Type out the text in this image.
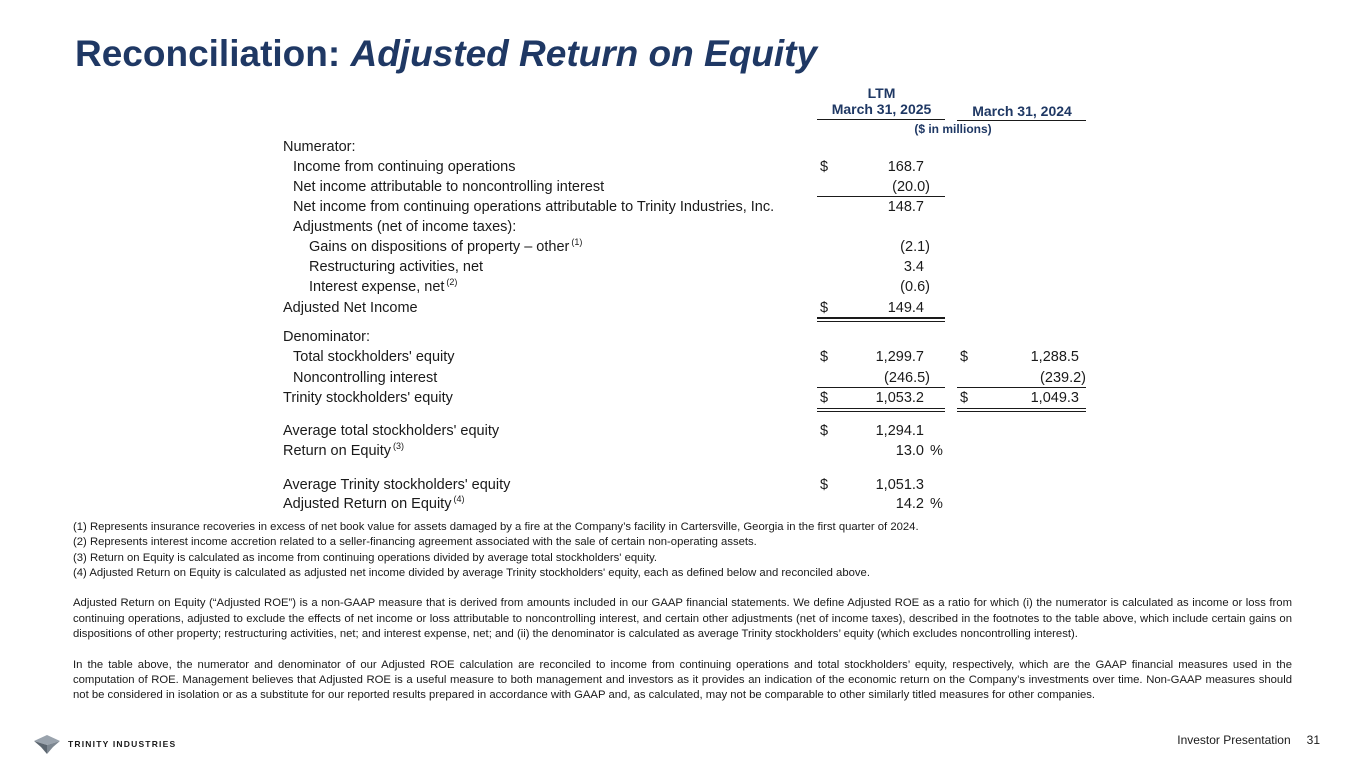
Reconciliation: Adjusted Return on Equity
LTM
March 31, 2025	March 31, 2024
($ in millions)
Numerator:
Income from continuing operations	$	168.7
Net income attributable to noncontrolling interest	(20.0)
Net income from continuing operations attributable to Trinity Industries, Inc.	148.7
Adjustments (net of income taxes):
Gains on dispositions of property – other $^{(1)}$	(2.1)
Restructuring activities, net	3.4
Interest expense, net $^{(2)}$	(0.6)
Adjusted Net Income	$	149.4
Denominator:
Total stockholders' equity	$	1,299.7 $	1,288.5
Noncontrolling interest	(246.5)	(239.2)
Trinity stockholders' equity	$	1,053.2 $	1,049.3
Average total stockholders' equity	$	1,294.1
Return on Equity $^{(3)}$	13.0 %
Average Trinity stockholders' equity	$	1,051.3
Adjusted Return on Equity $^{(4)}$	14.2 %

(1) Represents insurance recoveries in excess of net book value for assets damaged by a fire at the Company’s facility in Cartersville, Georgia in the first quarter of 2024.

(2) Represents interest income accretion related to a seller-financing agreement associated with the sale of certain non-operating assets.

(3) Return on Equity is calculated as income from continuing operations divided by average total stockholders' equity.

(4) Adjusted Return on Equity is calculated as adjusted net income divided by average Trinity stockholders' equity, each as defined below and reconciled above.

Adjusted Return on Equity (“Adjusted ROE”) is a non-GAAP measure that is derived from amounts included in our GAAP financial statements. We define Adjusted ROE as a ratio for which (i) the numerator is calculated as income or loss from continuing operations, adjusted to exclude the effects of net income or loss attributable to noncontrolling interest, and certain other adjustments (net of income taxes), described in the footnotes to the table above, which include certain gains on dispositions of other property; restructuring activities, net; and interest expense, net; and (ii) the denominator is calculated as average Trinity stockholders’ equity (which excludes noncontrolling interest).

In the table above, the numerator and denominator of our Adjusted ROE calculation are reconciled to income from continuing operations and total stockholders’ equity, respectively, which are the GAAP financial measures used in the computation of ROE. Management believes that Adjusted ROE is a useful measure to both management and investors as it provides an indication of the economic return on the Company’s investments over time. Non-GAAP measures should not be considered in isolation or as a substitute for our reported results prepared in accordance with GAAP and, as calculated, may not be comparable to other similarly titled measures for other companies.

TRINITY INDUSTRIES	Investor Presentation 31
